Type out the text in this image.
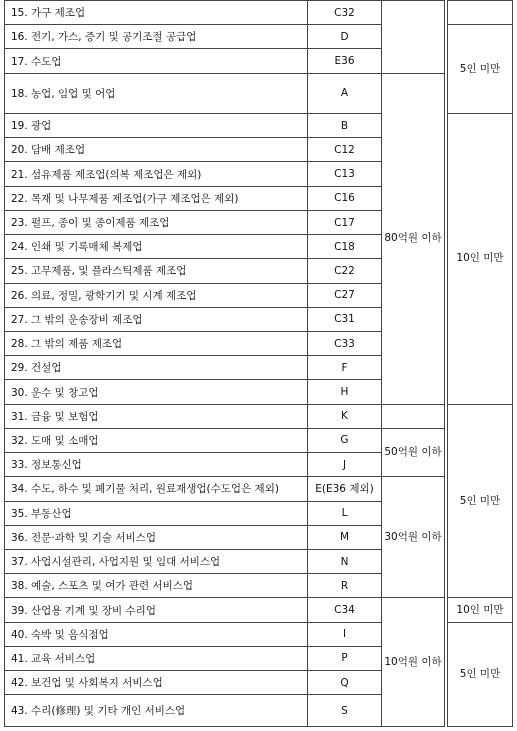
15. 가구 제조업	C32			
16. 전기, 가스, 증기 및 공기조절 공급업	D			5인 미만
17. 수도업	E36			
18. 농업, 임업 및 어업	A	80억원 이하		
19. 광업	B			10인 미만
20. 담배 제조업	C12			
21. 섬유제품 제조업(의복 제조업은 제외)	C13			
22. 목재 및 나무제품 제조업(가구 제조업은 제외)	C16			
23. 펄프, 종이 및 종이제품 제조업	C17			
24. 인쇄 및 기록매체 복제업	C18			
25. 고무제품, 및 플라스틱제품 제조업	C22			
26. 의료, 정밀, 광학기기 및 시계 제조업	C27			
27. 그 밖의 운송장비 제조업	C31			
28. 그 밖의 제품 제조업	C33			
29. 건설업	F			
30. 운수 및 창고업	H			
31. 금융 및 보험업	K			5인 미만
32. 도매 및 소매업	G	50억원 이하		
33. 정보통신업	J			
34. 수도, 하수 및 폐기물 처리, 원료재생업(수도업은 제외)	E(E36 제외)	30억원 이하		
35. 부동산업	L			
36. 전문·과학 및 기술 서비스업	M			
37. 사업시설관리, 사업지원 및 임대 서비스업	N			
38. 예술, 스포츠 및 여가 관련 서비스업	R			
39. 산업용 기계 및 장비 수리업	C34	10억원 이하		10인 미만
40. 숙박 및 음식점업	I			5인 미만
41. 교육 서비스업	P			
42. 보건업 및 사회복지 서비스업	Q			
43. 수리(修理) 및 기타 개인 서비스업	S			
